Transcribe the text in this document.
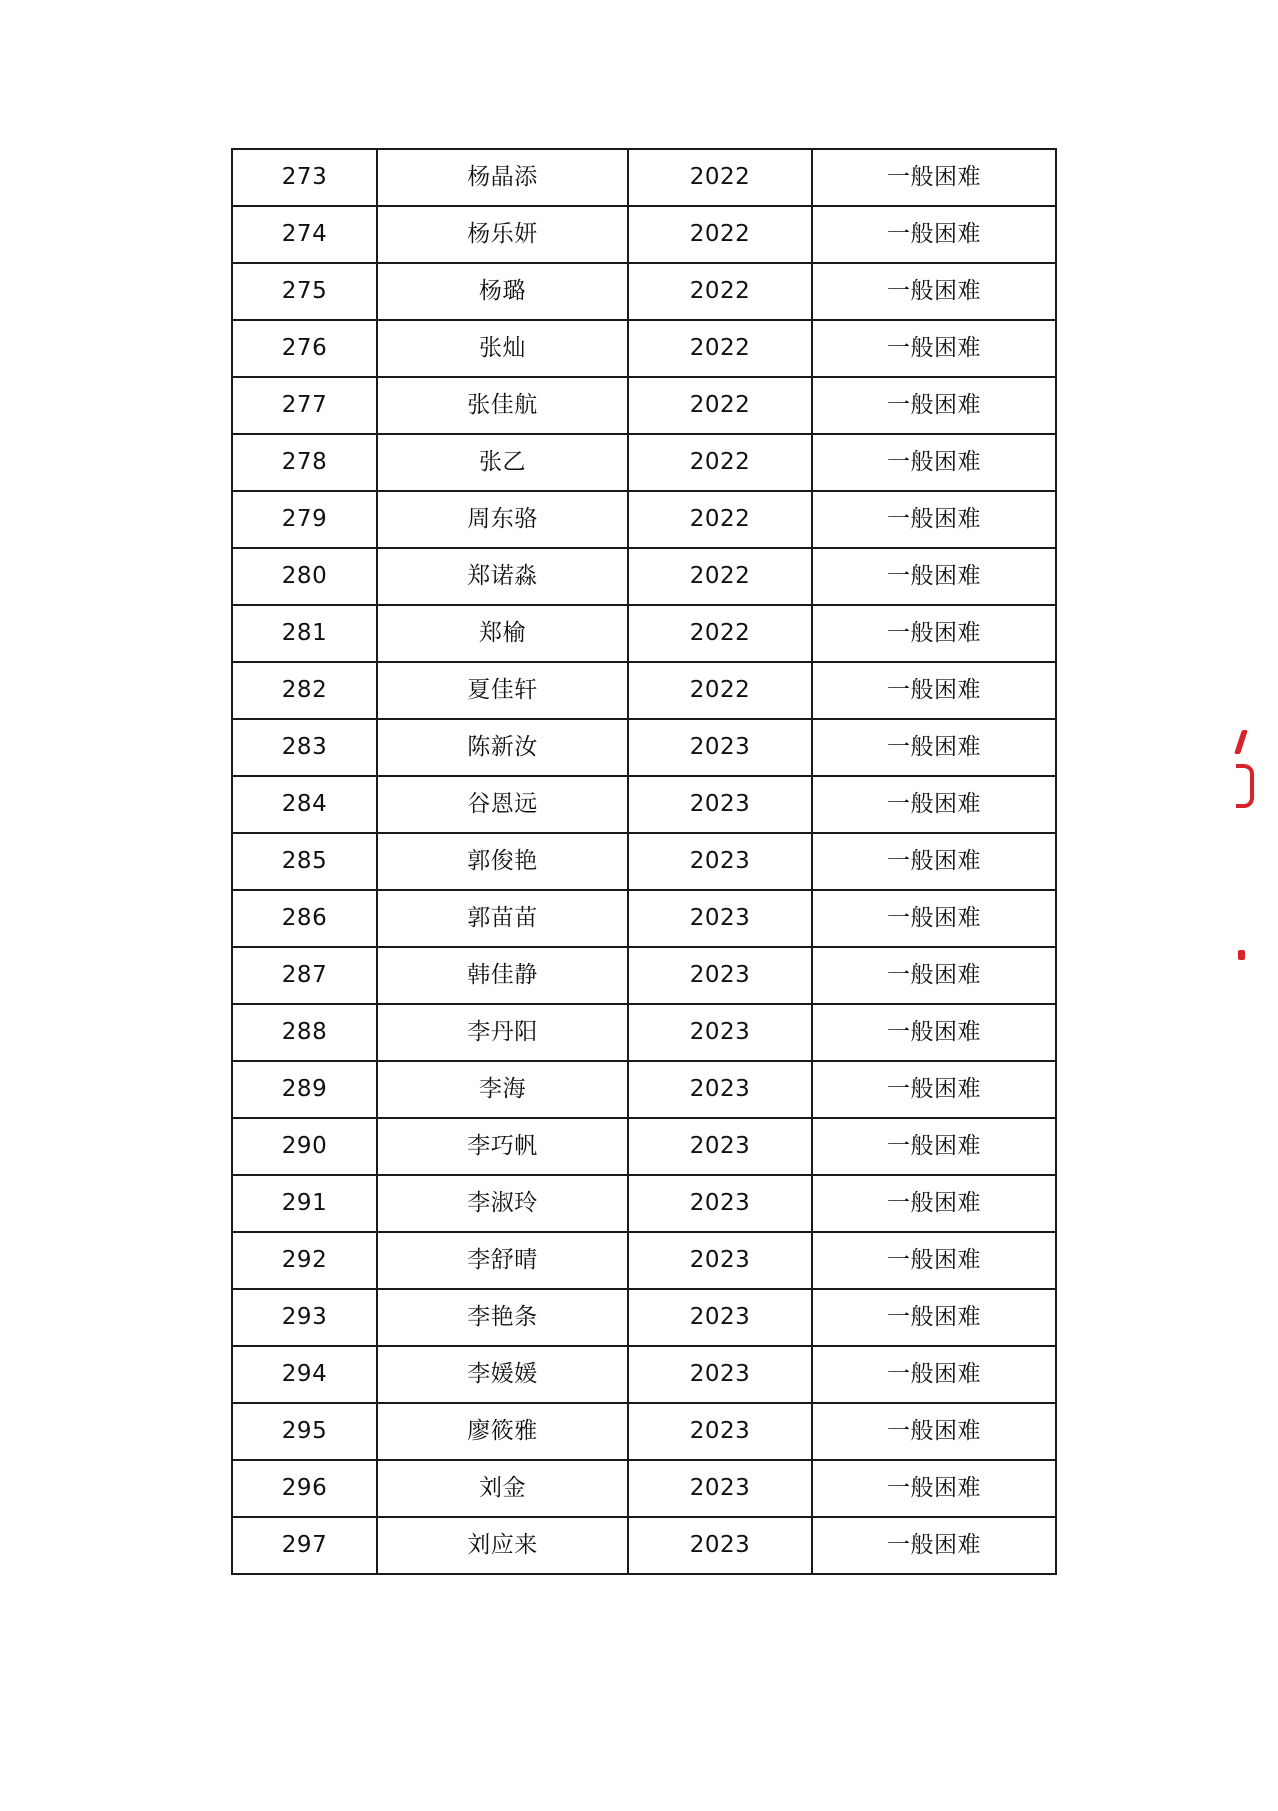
273	杨晶添	2022	一般困难
274	杨乐妍	2022	一般困难
275	杨璐	2022	一般困难
276	张灿	2022	一般困难
277	张佳航	2022	一般困难
278	张乙	2022	一般困难
279	周东骆	2022	一般困难
280	郑诺淼	2022	一般困难
281	郑榆	2022	一般困难
282	夏佳轩	2022	一般困难
283	陈新汝	2023	一般困难
284	谷恩远	2023	一般困难
285	郭俊艳	2023	一般困难
286	郭苗苗	2023	一般困难
287	韩佳静	2023	一般困难
288	李丹阳	2023	一般困难
289	李海	2023	一般困难
290	李巧帆	2023	一般困难
291	李淑玲	2023	一般困难
292	李舒晴	2023	一般困难
293	李艳条	2023	一般困难
294	李媛媛	2023	一般困难
295	廖筱雅	2023	一般困难
296	刘金	2023	一般困难
297	刘应来	2023	一般困难
